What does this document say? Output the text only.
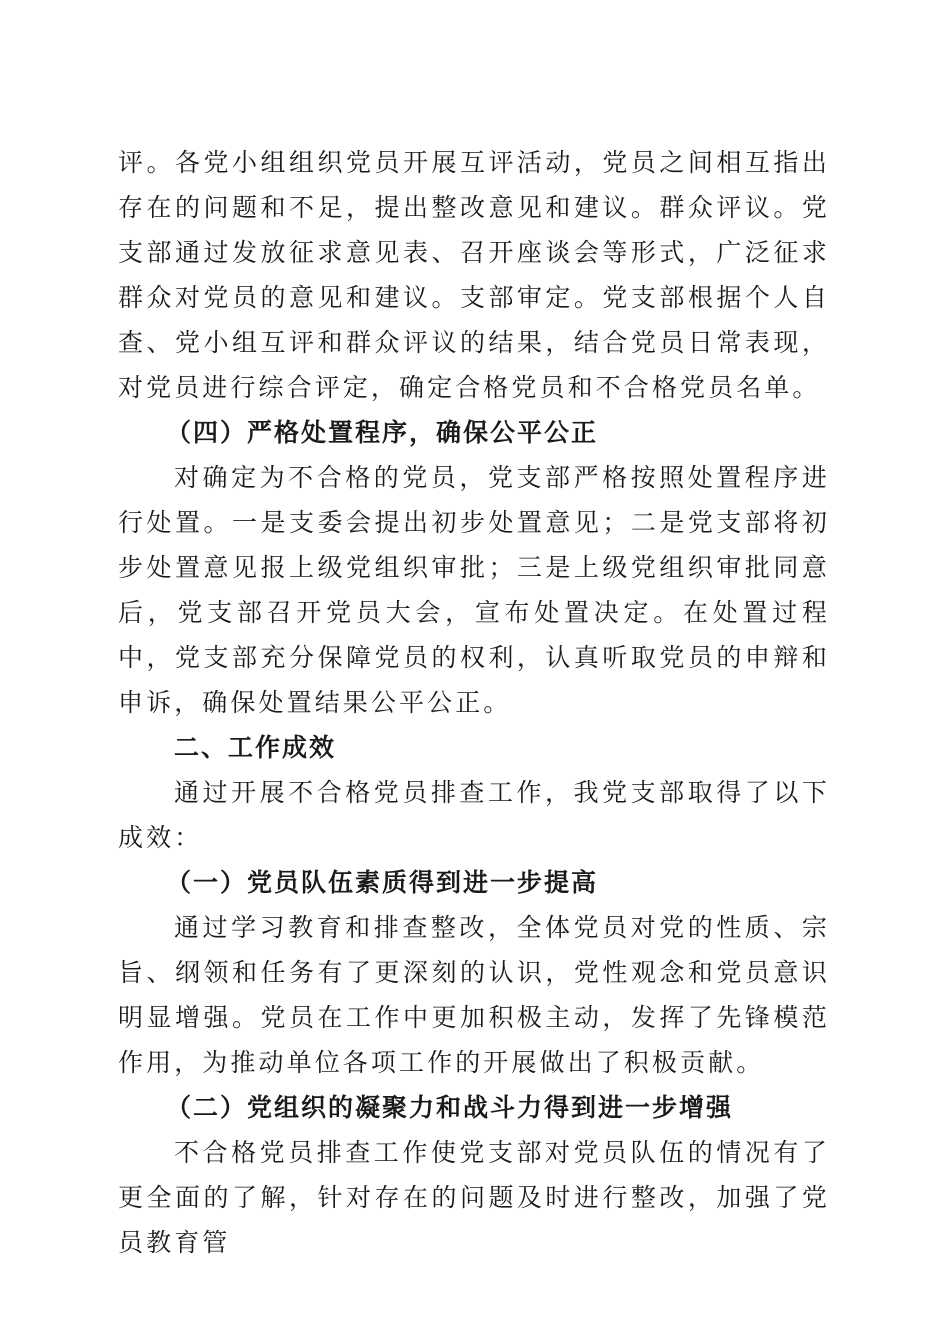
评。各党小组组织党员开展互评活动，党员之间相互指出存在的问题和不足，提出整改意见和建议。群众评议。党支部通过发放征求意见表、召开座谈会等形式，广泛征求群众对党员的意见和建议。支部审定。党支部根据个人自查、党小组互评和群众评议的结果，结合党员日常表现，对党员进行综合评定，确定合格党员和不合格党员名单。

（四）严格处置程序，确保公平公正

对确定为不合格的党员，党支部严格按照处置程序进行处置。一是支委会提出初步处置意见；二是党支部将初步处置意见报上级党组织审批；三是上级党组织审批同意后，党支部召开党员大会，宣布处置决定。在处置过程中，党支部充分保障党员的权利，认真听取党员的申辩和申诉，确保处置结果公平公正。

二、工作成效

通过开展不合格党员排查工作，我党支部取得了以下成效：

（一）党员队伍素质得到进一步提高

通过学习教育和排查整改，全体党员对党的性质、宗旨、纲领和任务有了更深刻的认识，党性观念和党员意识明显增强。党员在工作中更加积极主动，发挥了先锋模范作用，为推动单位各项工作的开展做出了积极贡献。

（二）党组织的凝聚力和战斗力得到进一步增强

不合格党员排查工作使党支部对党员队伍的情况有了更全面的了解，针对存在的问题及时进行整改，加强了党员教育管
